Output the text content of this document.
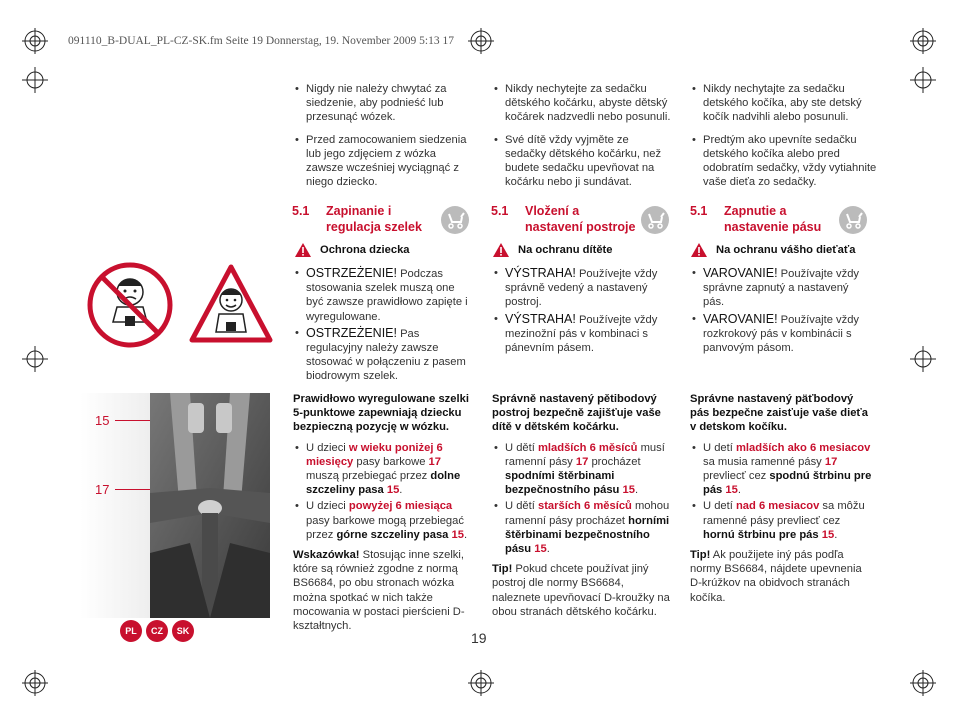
091110_B-DUAL_PL-CZ-SK.fm Seite 19 Donnerstag, 19. November 2009 5:13 17
• Nigdy nie należy chwytać za siedzenie, aby podnieść lub przesunąć wózek.
• Przed zamocowaniem siedzenia lub jego zdjęciem z wózka zawsze wcześniej wyciągnąć z niego dziecko.
• Nikdy nechytejte za sedačku dětského kočárku, abyste dětský kočárek nadzvedli nebo posunuli.
• Své dítě vždy vyjměte ze sedačky dětského kočárku, než budete sedačku upevňovat na kočárku nebo ji sundávat.
• Nikdy nechytajte za sedačku detského kočíka, aby ste detský kočík nadvihli alebo posunuli.
• Predtým ako upevníte sedačku detského kočíka alebo pred odobratím sedačky, vždy vytiahnite vaše dieťa zo sedačky.
5.1 Zapinanie i regulacja szelek
5.1 Vložení a nastavení postroje
5.1 Zapnutie a nastavenie pásu
Ochrona dziecka	Na ochranu dítěte	Na ochranu vášho dieťaťa
• OSTRZEŻENIE! Podczas stosowania szelek muszą one być zawsze prawidłowo zapięte i wyregulowane.
• OSTRZEŻENIE! Pas regulacyjny należy zawsze stosować w połączeniu z pasem biodrowym szelek.
• VÝSTRAHA! Používejte vždy správně vedený a nastavený postroj.
• VÝSTRAHA! Používejte vždy mezinožní pás v kombinaci s pánevním pásem.
• VAROVANIE! Používajte vždy správne zapnutý a nastavený pás.
• VAROVANIE! Používajte vždy rozkrokový pás v kombinácii s panvovým pásom.
15
17

Prawidłowo wyregulowane szelki 5-punktowe zapewniają dziecku bezpieczną pozycję w wózku.

• U dzieci w wieku poniżej 6 miesięcy pasy barkowe 17 muszą przebiegać przez dolne szczeliny pasa 15.
• U dzieci powyżej 6 miesiąca pasy barkowe mogą przebiegać przez górne szczeliny pasa 15.

Wskazówka! Stosując inne szelki, które są również zgodne z normą BS6684, po obu stronach wózka można spotkać w nich także mocowania w postaci pierścieni D-kształtnych.

Správně nastavený pětibodový postroj bezpečně zajišťuje vaše dítě v dětském kočárku.

• U dětí mladších 6 měsíců musí ramenní pásy 17 procházet spodními štěrbinami bezpečnostního pásu 15.
• U dětí starších 6 měsíců mohou ramenní pásy procházet horními štěrbinami bezpečnostního pásu 15.

Tip! Pokud chcete používat jiný postroj dle normy BS6684, naleznete upevňovací D-kroužky na obou stranách dětského kočárku.

Správne nastavený päťbodový pás bezpečne zaisťuje vaše dieťa v detskom kočíku.

• U detí mladších ako 6 mesiacov sa musia ramenné pásy 17 prevliecť cez spodnú štrbinu pre pás 15.
• U detí nad 6 mesiacov sa môžu ramenné pásy prevliecť cez hornú štrbinu pre pás 15.

Tip! Ak použijete iný pás podľa normy BS6684, nájdete upevnenia D-krúžkov na obidvoch stranách kočíka.

PL	CZ	SK	19
